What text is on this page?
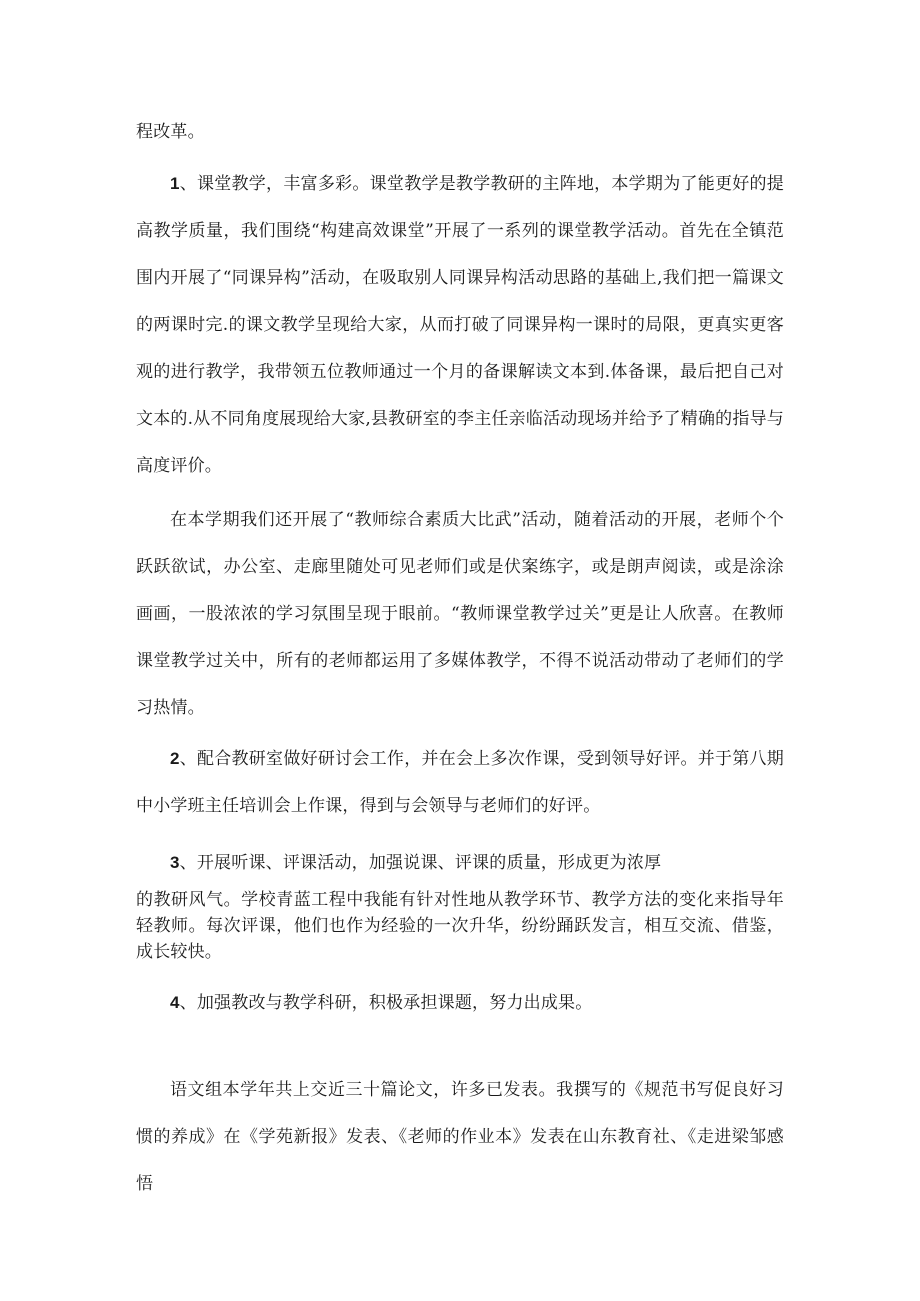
程改革。

1、课堂教学，丰富多彩。课堂教学是教学教研的主阵地，本学期为了能更好的提高教学质量，我们围绕“构建高效课堂”开展了一系列的课堂教学活动。首先在全镇范围内开展了“同课异构”活动，在吸取别人同课异构活动思路的基础上,我们把一篇课文的两课时完.的课文教学呈现给大家，从而打破了同课异构一课时的局限，更真实更客观的进行教学，我带领五位教师通过一个月的备课解读文本到.体备课，最后把自己对文本的.从不同角度展现给大家,县教研室的李主任亲临活动现场并给予了精确的指导与高度评价。

在本学期我们还开展了“教师综合素质大比武”活动，随着活动的开展，老师个个跃跃欲试，办公室、走廊里随处可见老师们或是伏案练字，或是朗声阅读，或是涂涂画画，一股浓浓的学习氛围呈现于眼前。“教师课堂教学过关”更是让人欣喜。在教师课堂教学过关中，所有的老师都运用了多媒体教学，不得不说活动带动了老师们的学习热情。

2、配合教研室做好研讨会工作，并在会上多次作课，受到领导好评。并于第八期中小学班主任培训会上作课，得到与会领导与老师们的好评。

3、开展听课、评课活动，加强说课、评课的质量，形成更为浓厚

的教研风气。学校青蓝工程中我能有针对性地从教学环节、教学方法的变化来指导年轻教师。每次评课，他们也作为经验的一次升华，纷纷踊跃发言，相互交流、借鉴，成长较快。

4、加强教改与教学科研，积极承担课题，努力出成果。

语文组本学年共上交近三十篇论文，许多已发表。我撰写的《规范书写促良好习惯的养成》在《学苑新报》发表、《老师的作业本》发表在山东教育社、《走进梁邹感悟
